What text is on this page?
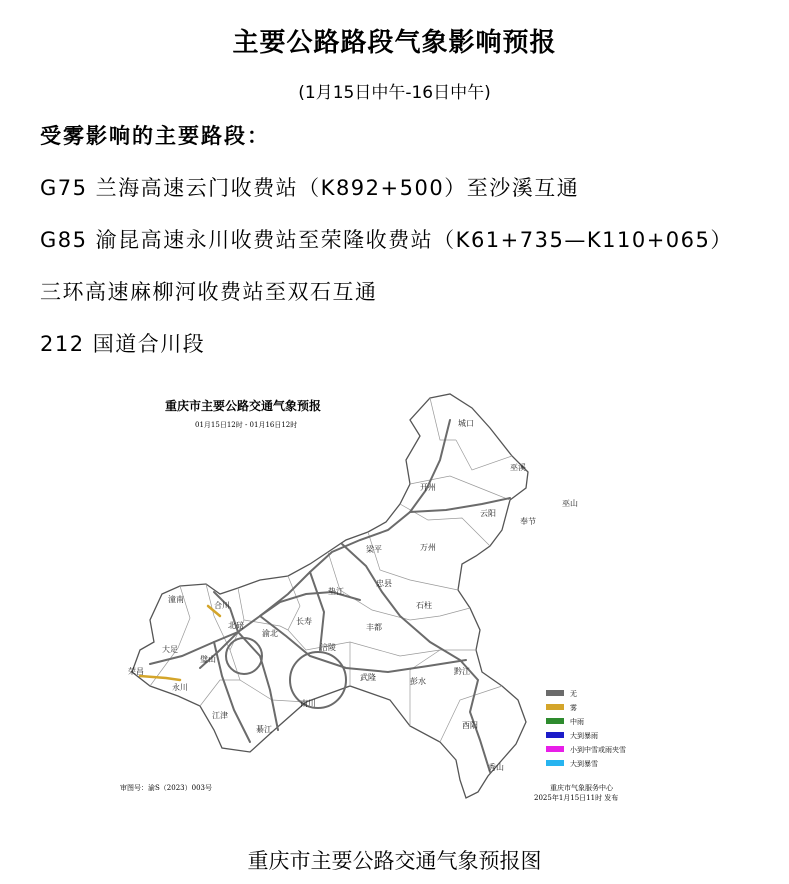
主要公路路段气象影响预报
(1月15日中午-16日中午)
受雾影响的主要路段：
G75 兰海高速云门收费站（K892+500）至沙溪互通
G85 渝昆高速永川收费站至荣隆收费站（K61+735—K110+065）
三环高速麻柳河收费站至双石互通
212 国道合川段
重庆市主要公路交通气象预报
01月15日12时 - 01月16日12时	城口
巫溪
开州
云阳
奉节
巫山
万州
忠县
梁平
垫江
石柱
丰都
长寿
涪陵
合川
潼南
北碚
渝北
大足
璧山
荣昌
永川
江津
綦江
南川
武隆	彭水
黔江
酉阳
秀山
无
雾
中雨
大到暴雨
小到中雪或雨夹雪
大到暴雪
审图号：渝S（2023）003号	重庆市气象服务中心
2025年1月15日11时 发布
重庆市主要公路交通气象预报图
